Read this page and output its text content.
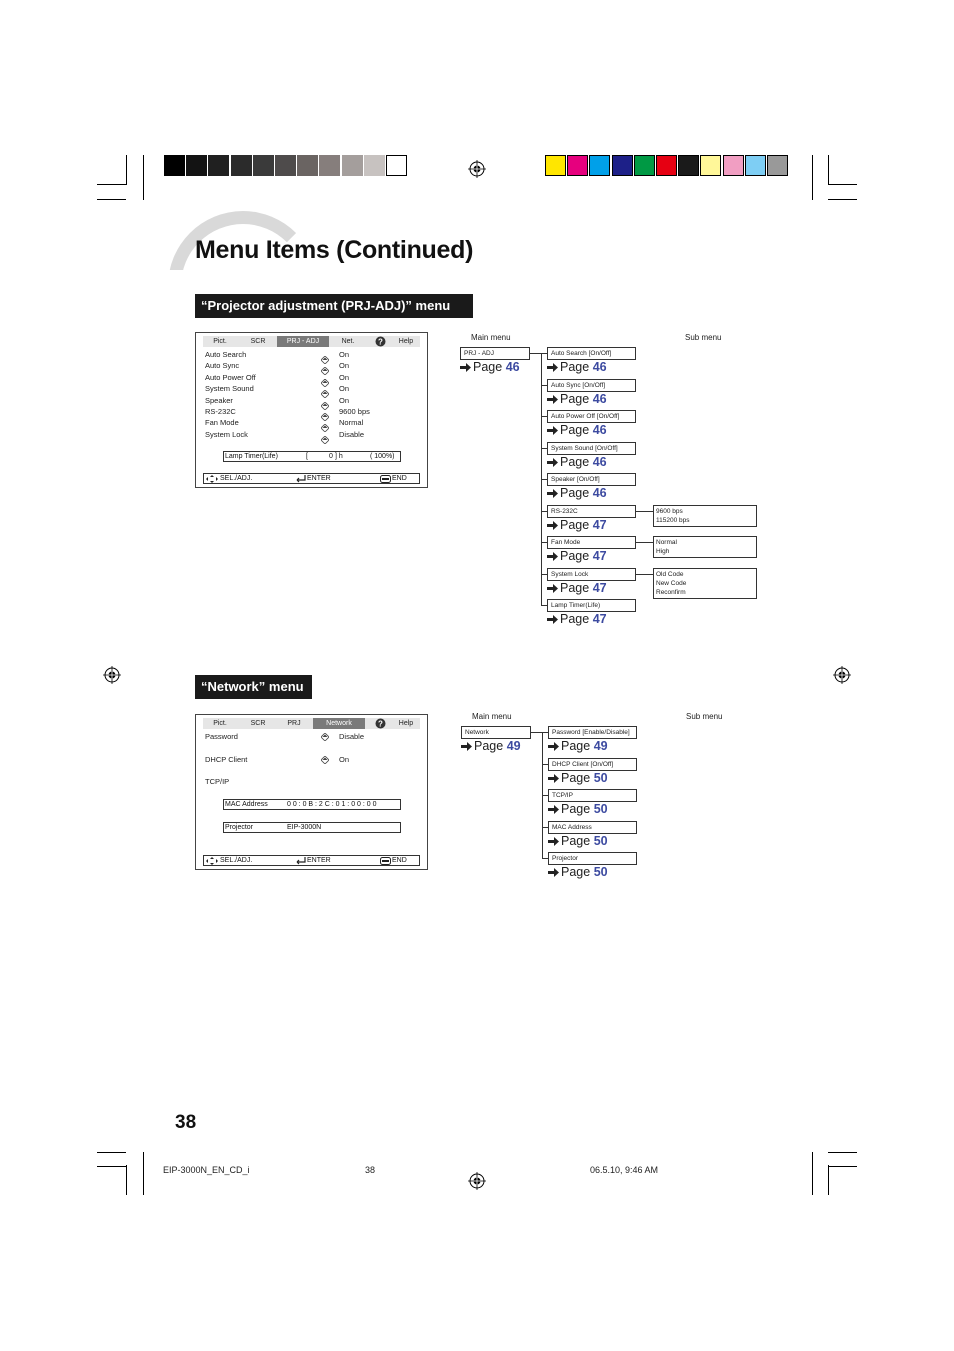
Menu Items (Continued)
“Projector adjustment (PRJ-ADJ)” menu
Pict.	SCR	PRJ - ADJ	Net.	?	Help
Auto Search	On
Auto Sync	On
Auto Power Off	On
System Sound	On
Speaker	On
RS-232C	9600 bps
Fan Mode	Normal
System Lock	Disable
Lamp Timer(Life)	[	0 ] h	( 100%)
SEL./ADJ.	ENTER	END
Main menu	Sub menu
PRJ - ADJ
Page 46
Auto Search [On/Off]
Page 46
Auto Sync [On/Off]
Page 46
Auto Power Off [On/Off]
Page 46
System Sound [On/Off]
Page 46
Speaker [On/Off]
Page 46
RS-232C
Page 47
Fan Mode
Page 47
System Lock
Page 47
Lamp Timer(Life)
Page 47
9600 bps
115200 bps
Normal
High
Old Code
New Code
Reconfirm
“Network” menu
Pict.	SCR	PRJ	Network	?	Help
Password	Disable
DHCP Client	On
TCP/IP
MAC Address	0 0 : 0 B : 2 C : 0 1 : 0 0 : 0 0
Projector	EIP-3000N
SEL./ADJ.	ENTER	END
Main menu	Sub menu
Network
Page 49
Password [Enable/Disable]
Page 49
DHCP Client [On/Off]
Page 50
TCP/IP
Page 50
MAC Address
Page 50
Projector
Page 50
38
EIP-3000N_EN_CD_i	38	06.5.10, 9:46 AM
